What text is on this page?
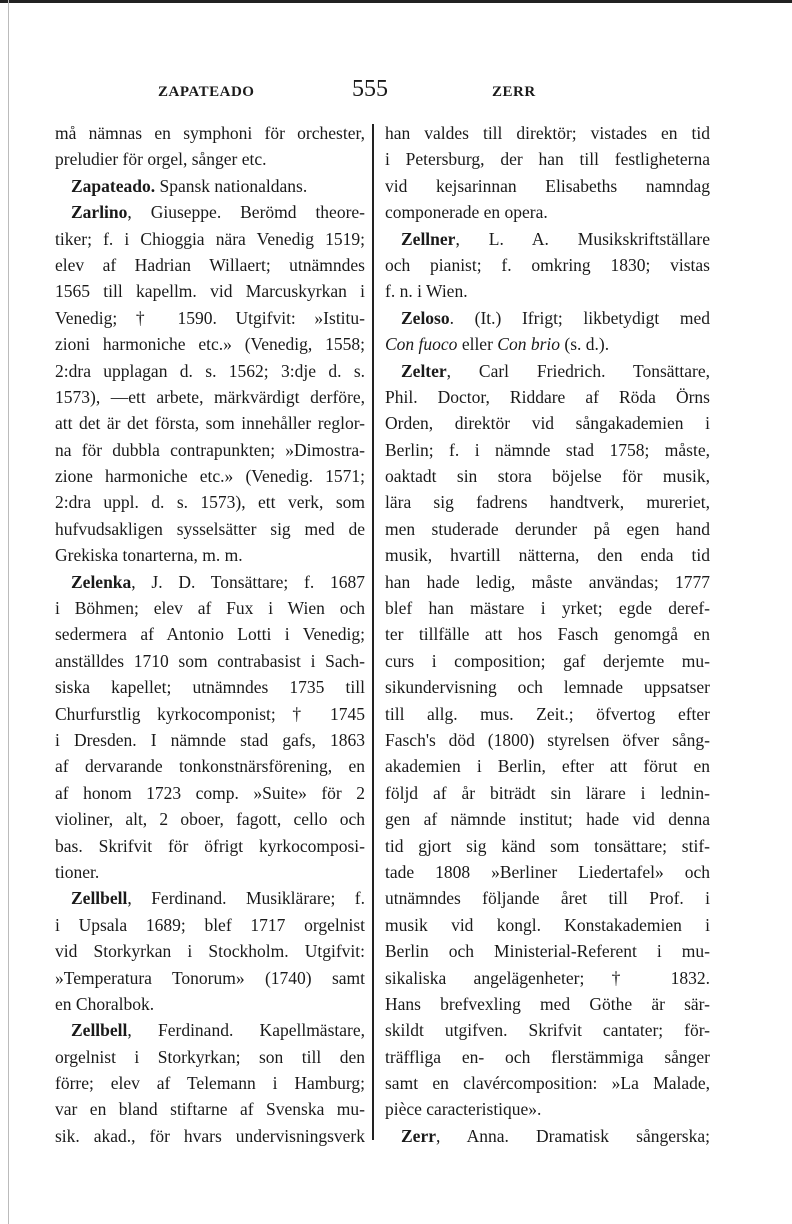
ZAPATEADO	555	ZERR
må nämnas en symphoni för orchester,
preludier för orgel, sånger etc.
Zapateado. Spansk nationaldans.
Zarlino, Giuseppe. Berömd theore-
tiker; f. i Chioggia nära Venedig 1519;
elev af Hadrian Willaert; utnämndes
1565 till kapellm. vid Marcuskyrkan i
Venedig; † 1590. Utgifvit: »Istitu-
zioni harmoniche etc.» (Venedig, 1558;
2:dra upplagan d. s. 1562; 3:dje d. s.
1573), —ett arbete, märkvärdigt derföre,
att det är det första, som innehåller reglor-
na för dubbla contrapunkten; »Dimostra-
zione harmoniche etc.» (Venedig. 1571;
2:dra uppl. d. s. 1573), ett verk, som
hufvudsakligen sysselsätter sig med de
Grekiska tonarterna, m. m.
Zelenka, J. D. Tonsättare; f. 1687
i Böhmen; elev af Fux i Wien och
sedermera af Antonio Lotti i Venedig;
anställdes 1710 som contrabasist i Sach-
siska kapellet; utnämndes 1735 till
Churfurstlig kyrkocomponist; † 1745
i Dresden. I nämnde stad gafs, 1863
af dervarande tonkonstnärsförening, en
af honom 1723 comp. »Suite» för 2
violiner, alt, 2 oboer, fagott, cello och
bas. Skrifvit för öfrigt kyrkocomposi-
tioner.
Zellbell, Ferdinand. Musiklärare; f.
i Upsala 1689; blef 1717 orgelnist
vid Storkyrkan i Stockholm. Utgifvit:
»Temperatura Tonorum» (1740) samt
en Choralbok.
Zellbell, Ferdinand. Kapellmästare,
orgelnist i Storkyrkan; son till den
förre; elev af Telemann i Hamburg;
var en bland stiftarne af Svenska mu-
sik. akad., för hvars undervisningsverk
han valdes till direktör; vistades en tid
i Petersburg, der han till festligheterna
vid kejsarinnan Elisabeths namndag
componerade en opera.
Zellner, L. A. Musikskriftställare
och pianist; f. omkring 1830; vistas
f. n. i Wien.
Zeloso. (It.) Ifrigt; likbetydigt med
Con fuoco eller Con brio (s. d.).
Zelter, Carl Friedrich. Tonsättare,
Phil. Doctor, Riddare af Röda Örns
Orden, direktör vid sångakademien i
Berlin; f. i nämnde stad 1758; måste,
oaktadt sin stora böjelse för musik,
lära sig fadrens handtverk, mureriet,
men studerade derunder på egen hand
musik, hvartill nätterna, den enda tid
han hade ledig, måste användas; 1777
blef han mästare i yrket; egde deref-
ter tillfälle att hos Fasch genomgå en
curs i composition; gaf derjemte mu-
sikundervisning och lemnade uppsatser
till allg. mus. Zeit.; öfvertog efter
Fasch's död (1800) styrelsen öfver sång-
akademien i Berlin, efter att förut en
följd af år biträdt sin lärare i lednin-
gen af nämnde institut; hade vid denna
tid gjort sig känd som tonsättare; stif-
tade 1808 »Berliner Liedertafel» och
utnämndes följande året till Prof. i
musik vid kongl. Konstakademien i
Berlin och Ministerial-Referent i mu-
sikaliska angelägenheter; † 1832.
Hans brefvexling med Göthe är sär-
skildt utgifven. Skrifvit cantater; för-
träffliga en- och flerstämmiga sånger
samt en clavércomposition: »La Malade,
pièce caracteristique».
Zerr, Anna. Dramatisk sångerska;
